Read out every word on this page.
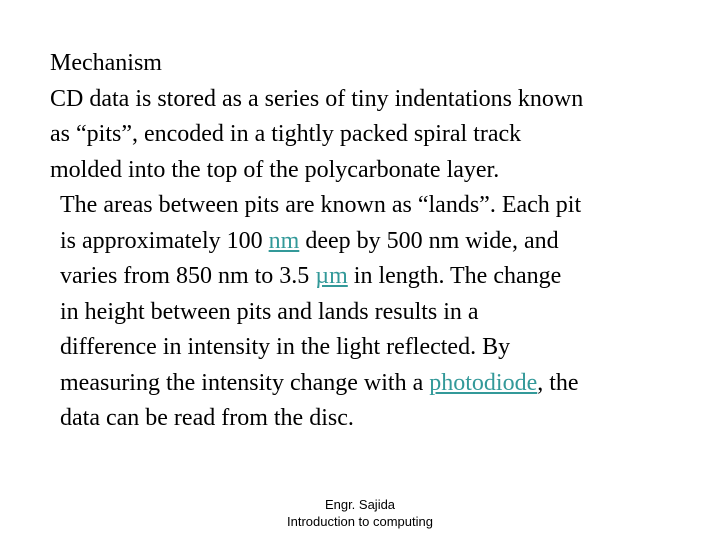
Mechanism

CD data is stored as a series of tiny indentations known
as “pits”, encoded in a tightly packed spiral track
molded into the top of the polycarbonate layer.

The areas between pits are known as “lands”. Each pit
is approximately 100 nm deep by 500 nm wide, and
varies from 850 nm to 3.5 µm in length. The change
in height between pits and lands results in a
difference in intensity in the light reflected. By
measuring the intensity change with a photodiode, the
data can be read from the disc.

Engr. Sajida
Introduction to computing
